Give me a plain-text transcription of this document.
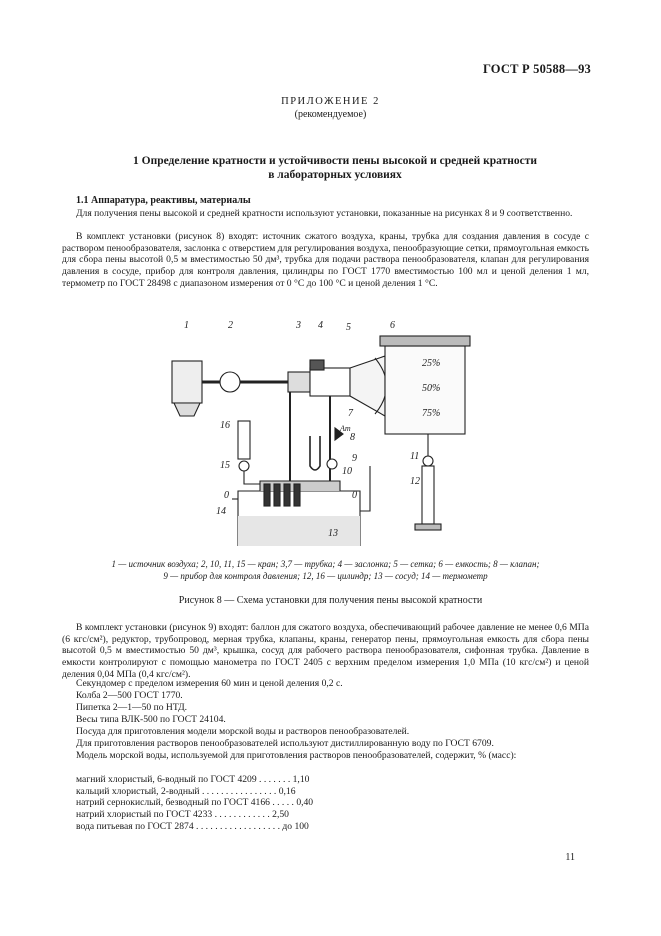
ГОСТ Р 50588—93
ПРИЛОЖЕНИЕ 2
(рекомендуемое)
1 Определение кратности и устойчивости пены высокой и средней кратности
в лабораторных условиях
1.1 Аппаратура, реактивы, материалы
Для получения пены высокой и средней кратности используют установки, показанные на рисунках 8 и 9 соответственно.
В комплект установки (рисунок 8) входят: источник сжатого воздуха, краны, трубка для создания давления в сосуде с раствором пенообразователя, заслонка с отверстием для регулирования воздуха, пенообразующие сетки, прямоугольная емкость для сбора пены высотой 0,5 м вместимостью 50 дм³, трубка для подачи раствора пенообразователя, клапан для регулирования давления в сосуде, прибор для контроля давления, цилиндры по ГОСТ 1770 вместимостью 100 мл и ценой деления 1 мл, термометр по ГОСТ 28498 с диапазоном измерения от 0 °С до 100 °С и ценой деления 1 °С.
1	2	3 4 5	6
7
8
9
10
11
12
13
14
15
16
0	0
25%
50%
75%
Ат
1 — источник воздуха; 2, 10, 11, 15 — кран; 3,7 — трубка; 4 — заслонка; 5 — сетка; 6 — емкость; 8 — клапан;
9 — прибор для контроля давления; 12, 16 — цилиндр; 13 — сосуд; 14 — термометр
Рисунок 8 — Схема установки для получения пены высокой кратности
В комплект установки (рисунок 9) входят: баллон для сжатого воздуха, обеспечивающий рабочее давление не менее 0,6 МПа (6 кгс/см²), редуктор, трубопровод, мерная трубка, клапаны, краны, генератор пены, прямоугольная емкость для сбора пены высотой 0,5 м вместимостью 50 дм³, крышка, сосуд для рабочего раствора пенообразователя, сифонная трубка. Давление в емкости контролируют с помощью манометра по ГОСТ 2405 с верхним пределом измерения 1,0 МПа (10 кгс/см²) и ценой деления 0,04 МПа (0,4 кгс/см²).
Секундомер с пределом измерения 60 мин и ценой деления 0,2 с.
Колба 2—500 ГОСТ 1770.
Пипетка 2—1—50 по НТД.
Весы типа ВЛК-500 по ГОСТ 24104.
Посуда для приготовления модели морской воды и растворов пенообразователей.
Для приготовления растворов пенообразователей используют дистиллированную воду по ГОСТ 6709.
Модель морской воды, используемой для приготовления растворов пенообразователей, содержит, % (масс):
магний хлористый, 6-водный по ГОСТ 4209 . . . . . . . 1,10
кальций хлористый, 2-водный . . . . . . . . . . . . . . . . 0,16
натрий сернокислый, безводный по ГОСТ 4166 . . . . . 0,40
натрий хлористый по ГОСТ 4233 . . . . . . . . . . . . 2,50
вода питьевая по ГОСТ 2874 . . . . . . . . . . . . . . . . . . до 100
11
